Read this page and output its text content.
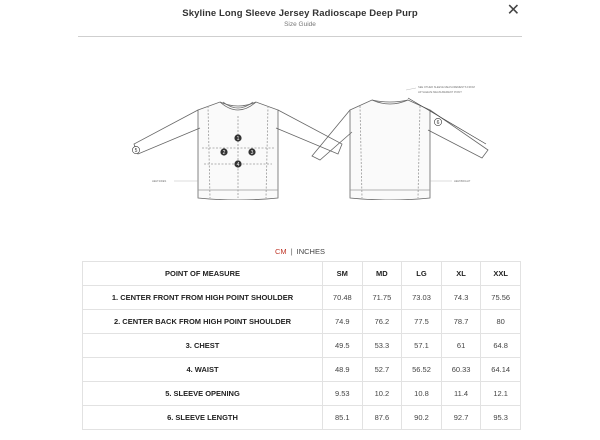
Skyline Long Sleeve Jersey Radioscape Deep Purp
Size Guide
✕
1
2	3
4
5
6
HEM SIDES	HEM BRIGHT
SEE OTHER SLEEVE MEASUREMENTS FROM
HP SLEEVE MEASUREMENT POINT
CM | INCHES
POINT OF MEASURE	SM	MD	LG	XL	XXL
1. CENTER FRONT FROM HIGH POINT SHOULDER	70.48	71.75	73.03	74.3	75.56
2. CENTER BACK FROM HIGH POINT SHOULDER	74.9	76.2	77.5	78.7	80
3. CHEST	49.5	53.3	57.1	61	64.8
4. WAIST	48.9	52.7	56.52	60.33	64.14
5. SLEEVE OPENING	9.53	10.2	10.8	11.4	12.1
6. SLEEVE LENGTH	85.1	87.6	90.2	92.7	95.3
